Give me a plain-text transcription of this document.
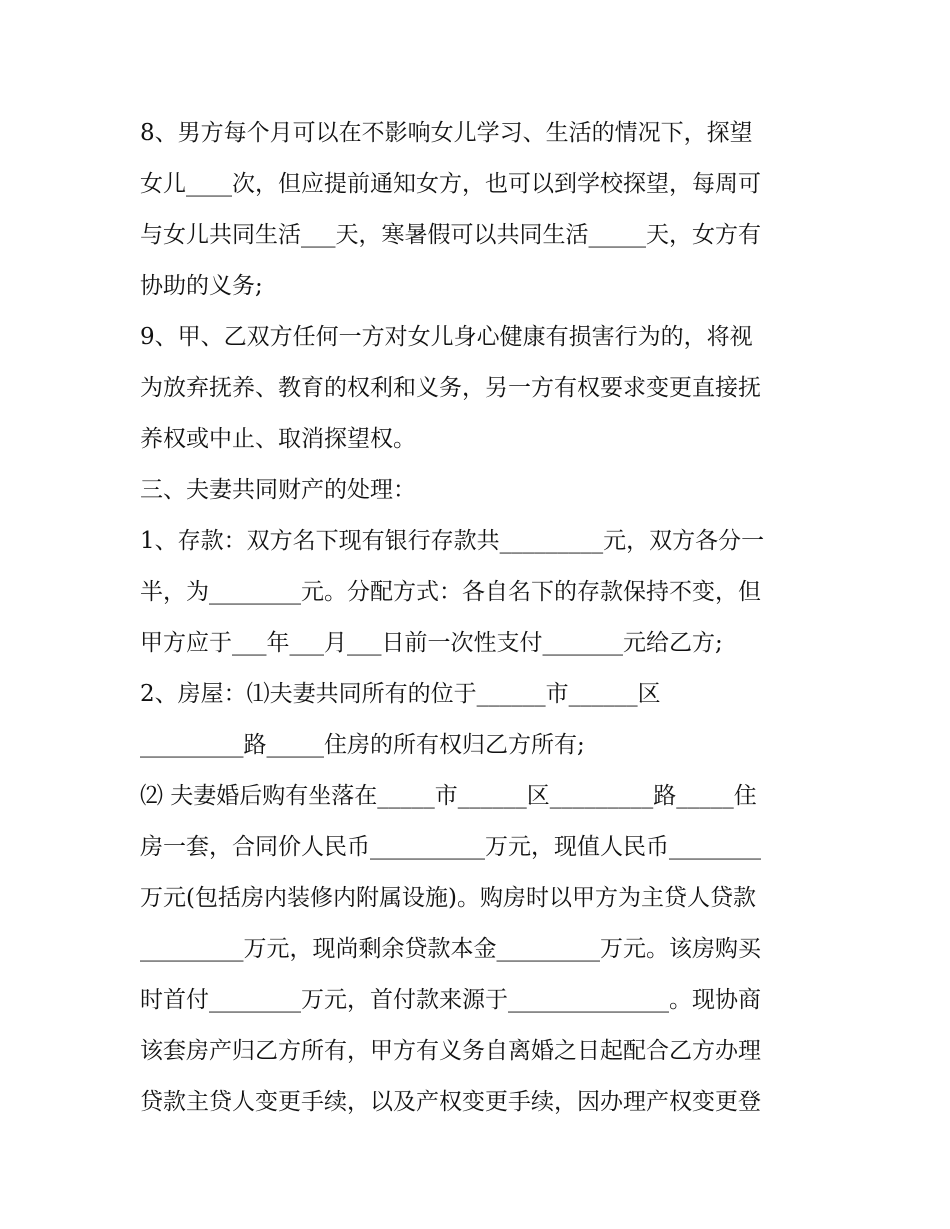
8、男方每个月可以在不影响女儿学习、生活的情况下，探望
女儿____次，但应提前通知女方，也可以到学校探望，每周可
与女儿共同生活___天，寒暑假可以共同生活_____天，女方有
协助的义务;
9、甲、乙双方任何一方对女儿身心健康有损害行为的，将视
为放弃抚养、教育的权利和义务，另一方有权要求变更直接抚
养权或中止、取消探望权。
三、夫妻共同财产的处理：
1、存款：双方名下现有银行存款共_________元，双方各分一
半，为________元。分配方式：各自名下的存款保持不变，但
甲方应于___年___月___日前一次性支付_______元给乙方;
2、房屋：⑴夫妻共同所有的位于______市______区
_________路_____住房的所有权归乙方所有;
⑵ 夫妻婚后购有坐落在_____市______区_________路_____住
房一套，合同价人民币__________万元，现值人民币________
万元(包括房内装修内附属设施)。购房时以甲方为主贷人贷款
_________万元，现尚剩余贷款本金_________万元。该房购买
时首付________万元，首付款来源于______________。现协商
该套房产归乙方所有，甲方有义务自离婚之日起配合乙方办理
贷款主贷人变更手续，以及产权变更手续，因办理产权变更登
